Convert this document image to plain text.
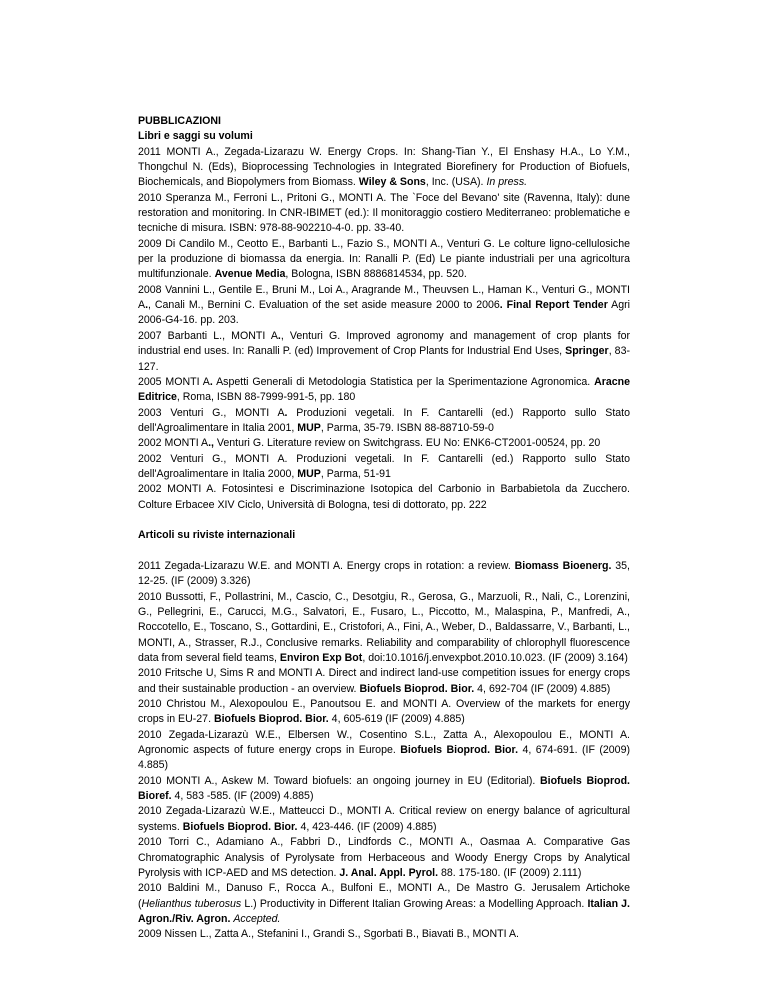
PUBBLICAZIONI

Libri e saggi su volumi

2011 MONTI A., Zegada-Lizarazu W. Energy Crops. In: Shang-Tian Y., El Enshasy H.A., Lo Y.M., Thongchul N. (Eds), Bioprocessing Technologies in Integrated Biorefinery for Production of Biofuels, Biochemicals, and Biopolymers from Biomass. Wiley & Sons, Inc. (USA). In press.

2010 Speranza M., Ferroni L., Pritoni G., MONTI A. The `Foce del Bevano' site (Ravenna, Italy): dune restoration and monitoring. In CNR-IBIMET (ed.): Il monitoraggio costiero Mediterraneo: problematiche e tecniche di misura. ISBN: 978-88-902210-4-0. pp. 33-40.

2009 Di Candilo M., Ceotto E., Barbanti L., Fazio S., MONTI A., Venturi G. Le colture ligno-cellulosiche per la produzione di biomassa da energia. In: Ranalli P. (Ed) Le piante industriali per una agricoltura multifunzionale. Avenue Media, Bologna, ISBN 8886814534, pp. 520.

2008 Vannini L., Gentile E., Bruni M., Loi A., Aragrande M., Theuvsen L., Haman K., Venturi G., MONTI A., Canali M., Bernini C. Evaluation of the set aside measure 2000 to 2006. Final Report Tender Agri 2006-G4-16. pp. 203.

2007 Barbanti L., MONTI A., Venturi G. Improved agronomy and management of crop plants for industrial end uses. In: Ranalli P. (ed) Improvement of Crop Plants for Industrial End Uses, Springer, 83-127.

2005 MONTI A. Aspetti Generali di Metodologia Statistica per la Sperimentazione Agronomica. Aracne Editrice, Roma, ISBN 88-7999-991-5, pp. 180

2003 Venturi G., MONTI A. Produzioni vegetali. In F. Cantarelli (ed.) Rapporto sullo Stato dell'Agroalimentare in Italia 2001, MUP, Parma, 35-79. ISBN 88-88710-59-0

2002 MONTI A., Venturi G. Literature review on Switchgrass. EU No: ENK6-CT2001-00524, pp. 20

2002 Venturi G., MONTI A. Produzioni vegetali. In F. Cantarelli (ed.) Rapporto sullo Stato dell'Agroalimentare in Italia 2000, MUP, Parma, 51-91

2002 MONTI A. Fotosintesi e Discriminazione Isotopica del Carbonio in Barbabietola da Zucchero. Colture Erbacee XIV Ciclo, Università di Bologna, tesi di dottorato, pp. 222

Articoli su riviste internazionali

2011 Zegada-Lizarazu W.E. and MONTI A. Energy crops in rotation: a review. Biomass Bioenerg. 35, 12-25. (IF (2009) 3.326)

2010 Bussotti, F., Pollastrini, M., Cascio, C., Desotgiu, R., Gerosa, G., Marzuoli, R., Nali, C., Lorenzini, G., Pellegrini, E., Carucci, M.G., Salvatori, E., Fusaro, L., Piccotto, M., Malaspina, P., Manfredi, A., Roccotello, E., Toscano, S., Gottardini, E., Cristofori, A., Fini, A., Weber, D., Baldassarre, V., Barbanti, L., MONTI, A., Strasser, R.J., Conclusive remarks. Reliability and comparability of chlorophyll fluorescence data from several field teams, Environ Exp Bot, doi:10.1016/j.envexpbot.2010.10.023. (IF (2009) 3.164)

2010 Fritsche U, Sims R and MONTI A. Direct and indirect land-use competition issues for energy crops and their sustainable production - an overview. Biofuels Bioprod. Bior. 4, 692-704 (IF (2009) 4.885)

2010 Christou M., Alexopoulou E., Panoutsou E. and MONTI A. Overview of the markets for energy crops in EU-27. Biofuels Bioprod. Bior. 4, 605-619 (IF (2009) 4.885)

2010 Zegada-Lizarazù W.E., Elbersen W., Cosentino S.L., Zatta A., Alexopoulou E., MONTI A. Agronomic aspects of future energy crops in Europe. Biofuels Bioprod. Bior. 4, 674-691. (IF (2009) 4.885)

2010 MONTI A., Askew M. Toward biofuels: an ongoing journey in EU (Editorial). Biofuels Bioprod. Bioref. 4, 583 -585. (IF (2009) 4.885)

2010 Zegada-Lizarazù W.E., Matteucci D., MONTI A. Critical review on energy balance of agricultural systems. Biofuels Bioprod. Bior. 4, 423-446. (IF (2009) 4.885)

2010 Torri C., Adamiano A., Fabbri D., Lindfords C., MONTI A., Oasmaa A. Comparative Gas Chromatographic Analysis of Pyrolysate from Herbaceous and Woody Energy Crops by Analytical Pyrolysis with ICP-AED and MS detection. J. Anal. Appl. Pyrol. 88. 175-180. (IF (2009) 2.111)

2010 Baldini M., Danuso F., Rocca A., Bulfoni E., MONTI A., De Mastro G. Jerusalem Artichoke (Helianthus tuberosus L.) Productivity in Different Italian Growing Areas: a Modelling Approach. Italian J. Agron./Riv. Agron. Accepted.

2009 Nissen L., Zatta A., Stefanini I., Grandi S., Sgorbati B., Biavati B., MONTI A.
